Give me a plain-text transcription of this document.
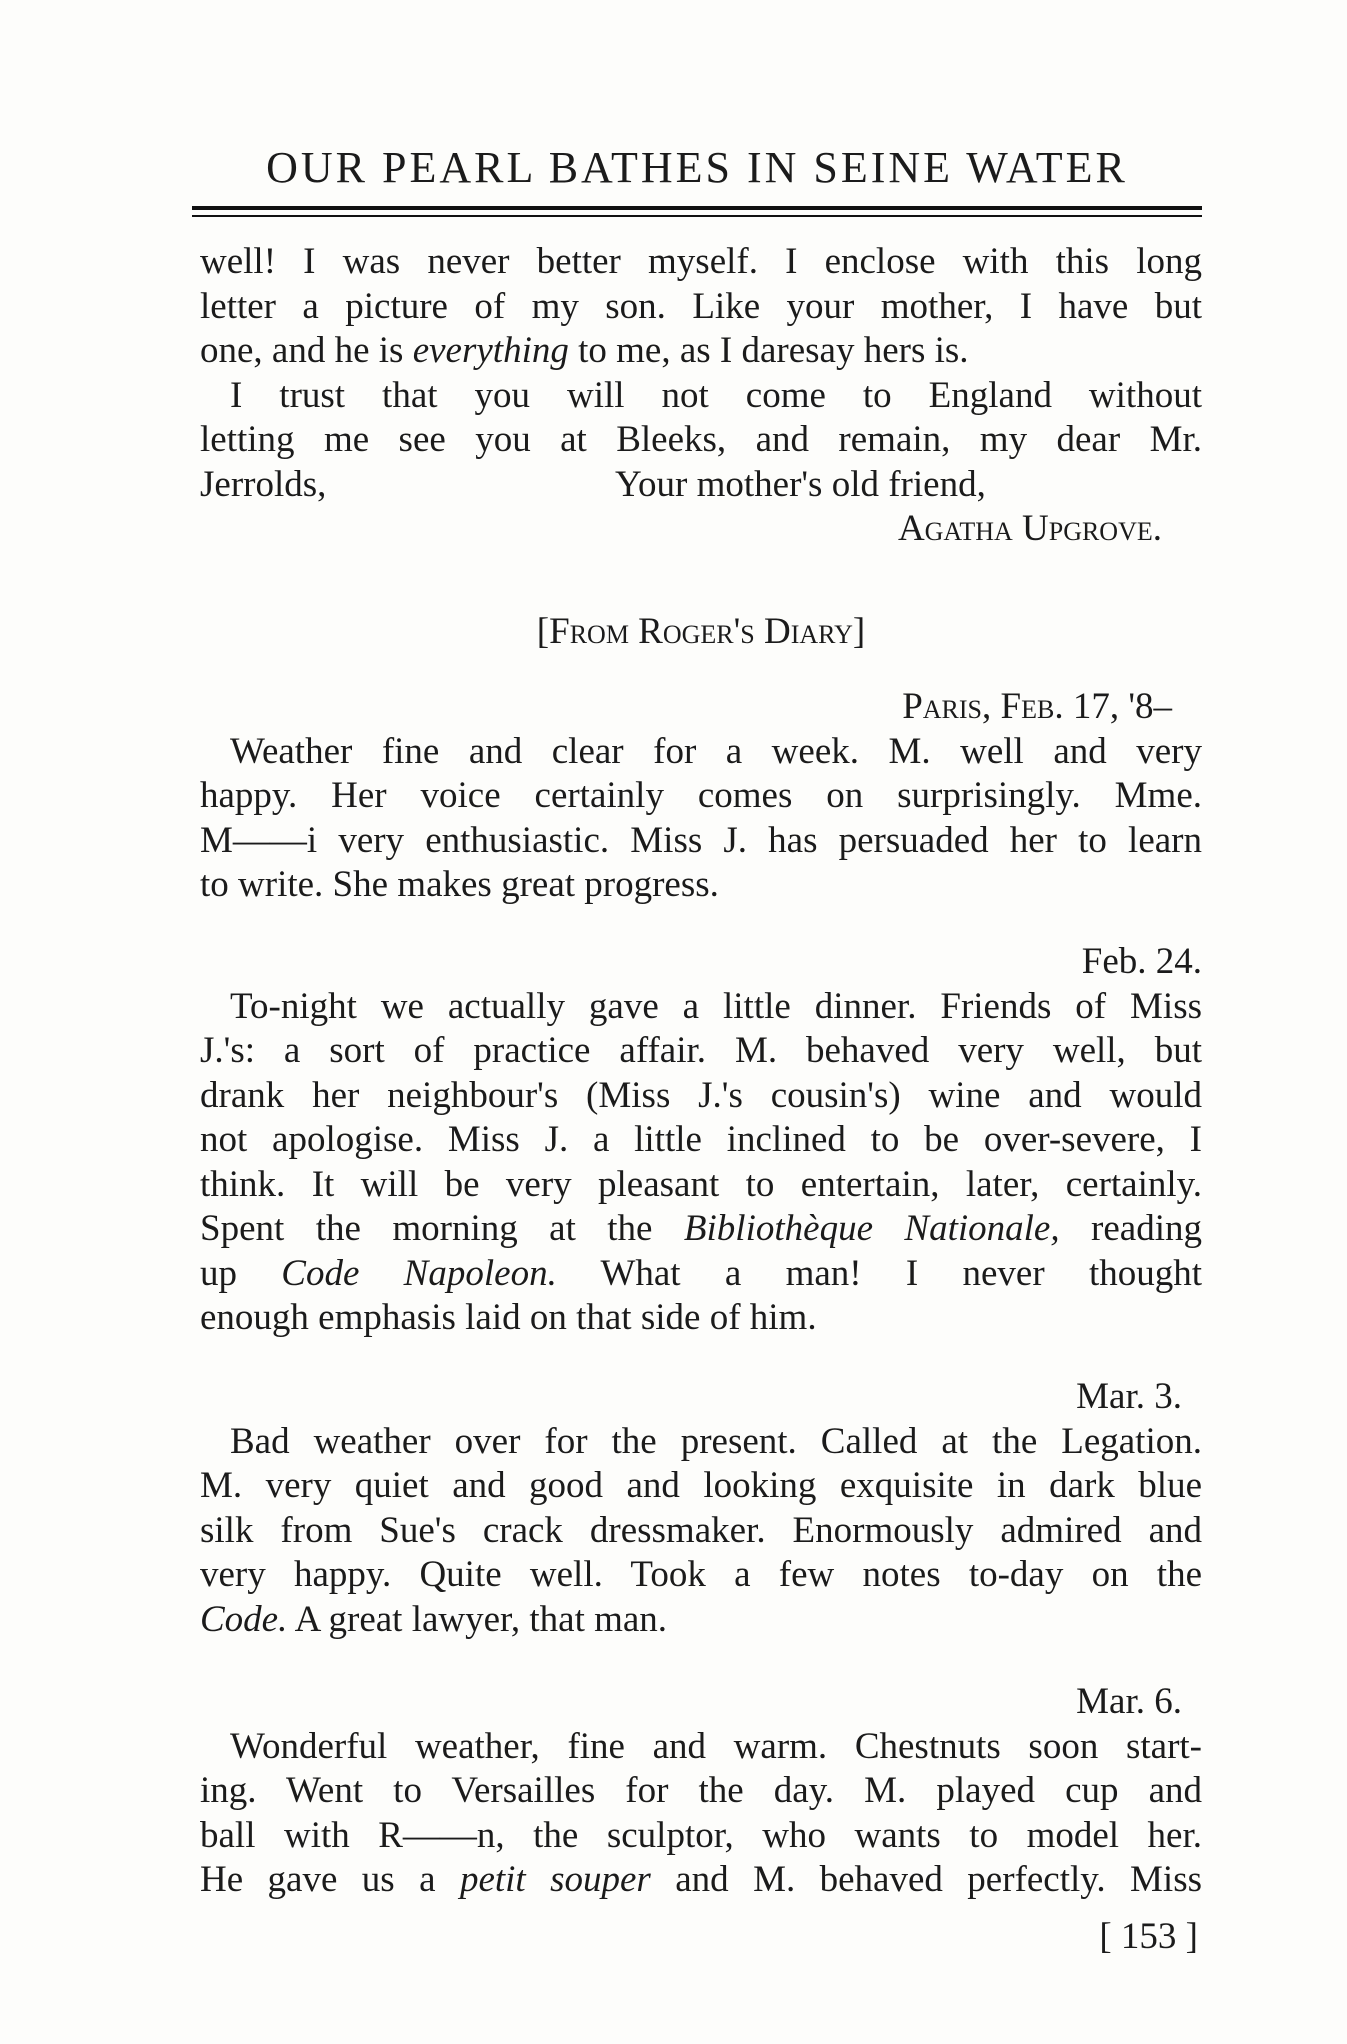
OUR PEARL BATHES IN SEINE WATER

well! I was never better myself. I enclose with this long

letter a picture of my son. Like your mother, I have but

one, and he is everything to me, as I daresay hers is.

I trust that you will not come to England without

letting me see you at Bleeks, and remain, my dear Mr.

Jerrolds,	Your mother's old friend,

Agatha Upgrove.

[From Roger's Diary]

Paris, Feb. 17, '8–

Weather fine and clear for a week. M. well and very

happy. Her voice certainly comes on surprisingly. Mme.

M——i very enthusiastic. Miss J. has persuaded her to learn

to write. She makes great progress.

Feb. 24.

To-night we actually gave a little dinner. Friends of Miss

J.'s: a sort of practice affair. M. behaved very well, but

drank her neighbour's (Miss J.'s cousin's) wine and would

not apologise. Miss J. a little inclined to be over-severe, I

think. It will be very pleasant to entertain, later, certainly.

Spent the morning at the Bibliothèque Nationale, reading

up Code Napoleon. What a man! I never thought

enough emphasis laid on that side of him.

Mar. 3.

Bad weather over for the present. Called at the Legation.

M. very quiet and good and looking exquisite in dark blue

silk from Sue's crack dressmaker. Enormously admired and

very happy. Quite well. Took a few notes to-day on the

Code. A great lawyer, that man.

Mar. 6.

Wonderful weather, fine and warm. Chestnuts soon start-

ing. Went to Versailles for the day. M. played cup and

ball with R——n, the sculptor, who wants to model her.

He gave us a petit souper and M. behaved perfectly. Miss

[ 153 ]
